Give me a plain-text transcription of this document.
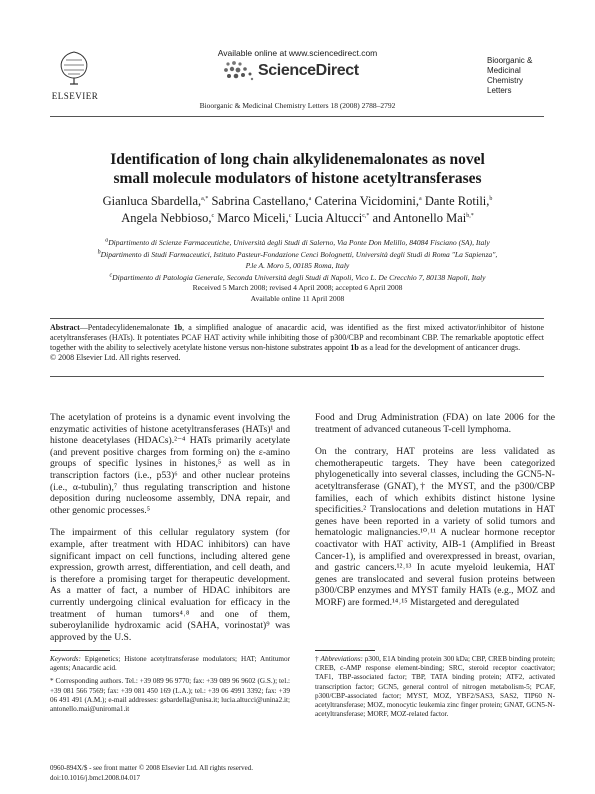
ELSEVIER
Available online at www.sciencedirect.com
ScienceDirect
Bioorganic &
Medicinal
Chemistry
Letters
Bioorganic & Medicinal Chemistry Letters 18 (2008) 2788–2792
Identification of long chain alkylidenemalonates as novel
small molecule modulators of histone acetyltransferases
Gianluca Sbardella,$^{a,*}$ Sabrina Castellano,$^a$ Caterina Vicidomini,$^a$ Dante Rotili,$^b$
Angela Nebbioso,$^c$ Marco Miceli,$^c$ Lucia Altucci$^{c,*}$ and Antonello Mai$^{b,*}$
$^a$Dipartimento di Scienze Farmaceutiche, Università degli Studi di Salerno, Via Ponte Don Melillo, 84084 Fisciano (SA), Italy
$^b$Dipartimento di Studi Farmaceutici, Istituto Pasteur-Fondazione Cenci Bolognetti, Università degli Studi di Roma "La Sapienza",
P.le A. Moro 5, 00185 Roma, Italy
$^c$Dipartimento di Patologia Generale, Seconda Università degli Studi di Napoli, Vico L. De Crecchio 7, 80138 Napoli, Italy
Received 5 March 2008; revised 4 April 2008; accepted 6 April 2008
Available online 11 April 2008
Abstract—Pentadecylidenemalonate 1b, a simplified analogue of anacardic acid, was identified as the first mixed activator/inhibitor of histone acetyltransferases (HATs). It potentiates PCAF HAT activity while inhibiting those of p300/CBP and recombinant CBP. The remarkable apoptotic effect together with the ability to selectively acetylate histone versus non-histone substrates appoint 1b as a lead for the development of anticancer drugs.
© 2008 Elsevier Ltd. All rights reserved.

The acetylation of proteins is a dynamic event involving the enzymatic activities of histone acetyltransferases (HATs)¹ and histone deacetylases (HDACs).²⁻⁴ HATs primarily acetylate (and prevent positive charges from forming on) the ε-amino groups of specific lysines in histones,⁵ as well as in transcription factors (i.e., p53)⁶ and other nuclear proteins (i.e., α-tubulin),⁷ thus regulating transcription and histone deposition during nucleosome assembly, DNA repair, and other genomic processes.⁵

The impairment of this cellular regulatory system (for example, after treatment with HDAC inhibitors) can have significant impact on cell functions, including altered gene expression, growth arrest, differentiation, and cell death, and is therefore a promising target for therapeutic development. As a matter of fact, a number of HDAC inhibitors are currently undergoing clinical evaluation for efficacy in the treatment of human tumors⁴˒⁸ and one of them, suberoylanilide hydroxamic acid (SAHA, vorinostat)⁹ was approved by the U.S.

Food and Drug Administration (FDA) on late 2006 for the treatment of advanced cutaneous T-cell lymphoma.

On the contrary, HAT proteins are less validated as chemotherapeutic targets. They have been categorized phylogenetically into several classes, including the GCN5-N-acetyltransferase (GNAT),† the MYST, and the p300/CBP families, each of which exhibits distinct histone lysine specificities.² Translocations and deletion mutations in HAT genes have been reported in a variety of solid tumors and hematologic malignancies.¹⁰˒¹¹ A nuclear hormone receptor coactivator with HAT activity, AIB-1 (Amplified in Breast Cancer-1), is amplified and overexpressed in breast, ovarian, and gastric cancers.¹²˒¹³ In acute myeloid leukemia, HAT genes are translocated and several fusion proteins between p300/CBP enzymes and MYST family HATs (e.g., MOZ and MORF) are formed.¹⁴˒¹⁵ Mistargeted and deregulated

Keywords: Epigenetics; Histone acetyltransferase modulators; HAT; Antitumor agents; Anacardic acid.
* Corresponding authors. Tel.: +39 089 96 9770; fax: +39 089 96 9602 (G.S.); tel.: +39 081 566 7569; fax: +39 081 450 169 (L.A.); tel.: +39 06 4991 3392; fax: +39 06 491 491 (A.M.); e-mail addresses: gsbardella@unisa.it; lucia.altucci@unina2.it; antonello.mai@uniroma1.it
† Abbreviations: p300, E1A binding protein 300 kDa; CBP, CREB binding protein; CREB, c-AMP response element-binding; SRC, steroid receptor coactivator; TAF1, TBP-associated factor; TBP, TATA binding protein; ATF2, activated transcription factor; GCN5, general control of nitrogen metabolism-5; PCAF, p300/CBP-associated factor; MYST, MOZ, YBF2/SAS3, SAS2, TIP60 N-acetyltransferase; MOZ, monocytic leukemia zinc finger protein; GNAT, GCN5-N-acetyltransferase; MORF, MOZ-related factor.
0960-894X/$ - see front matter © 2008 Elsevier Ltd. All rights reserved.
doi:10.1016/j.bmcl.2008.04.017
